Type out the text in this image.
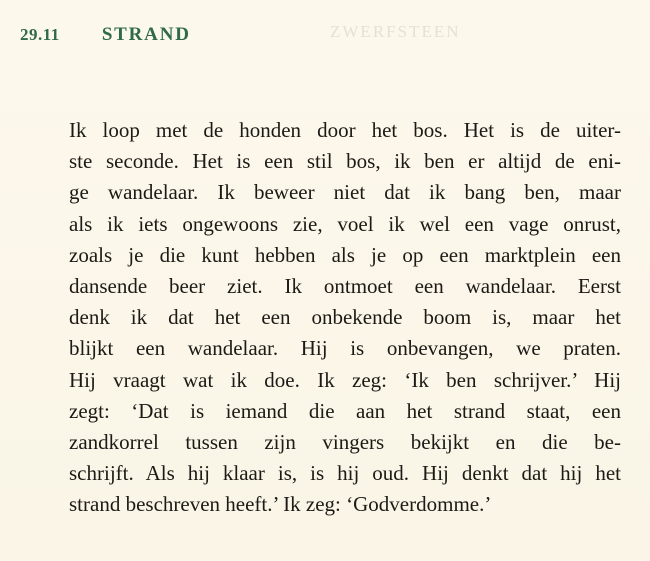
ZWERFSTEEN
29.11 STRAND
Ik loop met de honden door het bos. Het is de uiter-
ste seconde. Het is een stil bos, ik ben er altijd de eni-
ge wandelaar. Ik beweer niet dat ik bang ben, maar
als ik iets ongewoons zie, voel ik wel een vage onrust,
zoals je die kunt hebben als je op een marktplein een
dansende beer ziet. Ik ontmoet een wandelaar. Eerst
denk ik dat het een onbekende boom is, maar het
blijkt een wandelaar. Hij is onbevangen, we praten.
Hij vraagt wat ik doe. Ik zeg: ‘Ik ben schrijver.’ Hij
zegt: ‘Dat is iemand die aan het strand staat, een
zandkorrel tussen zijn vingers bekijkt en die be-
schrijft. Als hij klaar is, is hij oud. Hij denkt dat hij het
strand beschreven heeft.’ Ik zeg: ‘Godverdomme.’
